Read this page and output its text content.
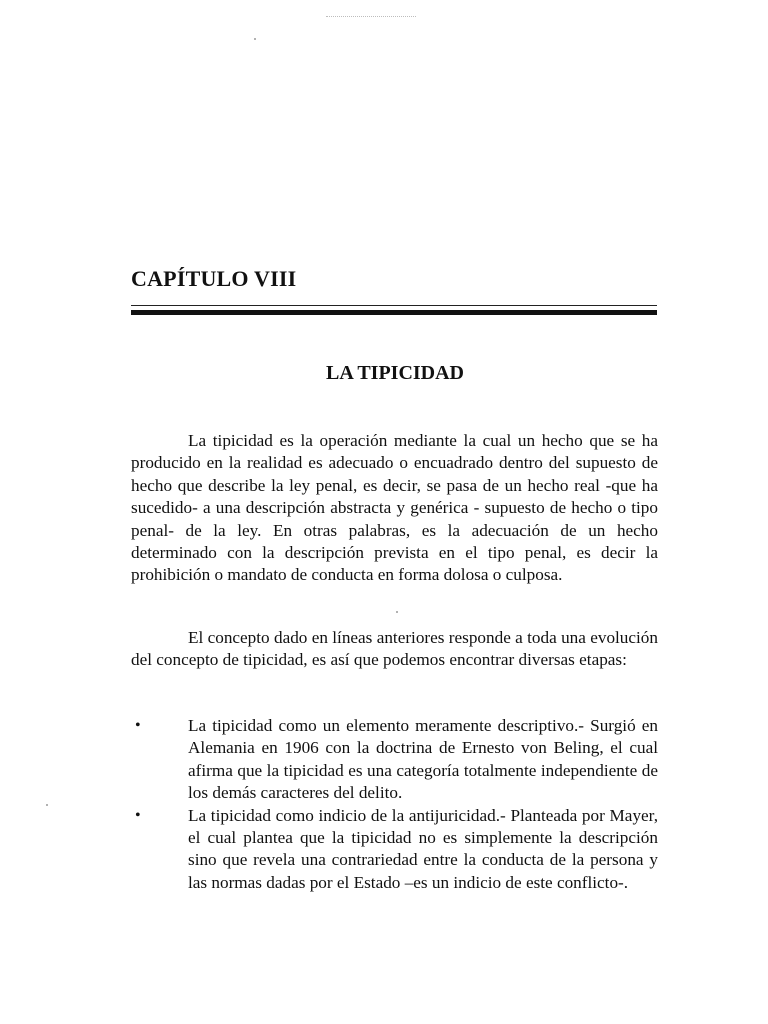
CAPÍTULO VIII
LA TIPICIDAD

La tipicidad es la operación mediante la cual un hecho que se ha producido en la realidad es adecuado o encuadrado dentro del supuesto de hecho que describe la ley penal, es decir, se pasa de un hecho real -que ha sucedido- a una descripción abstracta y genérica - supuesto de hecho o tipo penal- de la ley. En otras palabras, es la adecuación de un hecho determinado con la descripción prevista en el tipo penal, es decir la prohibición o mandato de conducta en forma dolosa o culposa.

El concepto dado en líneas anteriores responde a toda una evolución del concepto de tipicidad, es así que podemos encontrar diversas etapas:

•	La tipicidad como un elemento meramente descriptivo.- Surgió en Alemania en 1906 con la doctrina de Ernesto von Beling, el cual afirma que la tipicidad es una categoría totalmente independiente de los demás caracteres del delito.
•	La tipicidad como indicio de la antijuricidad.- Planteada por Mayer, el cual plantea que la tipicidad no es simplemente la descripción sino que revela una contrariedad entre la conducta de la persona y las normas dadas por el Estado –es un indicio de este conflicto-.
